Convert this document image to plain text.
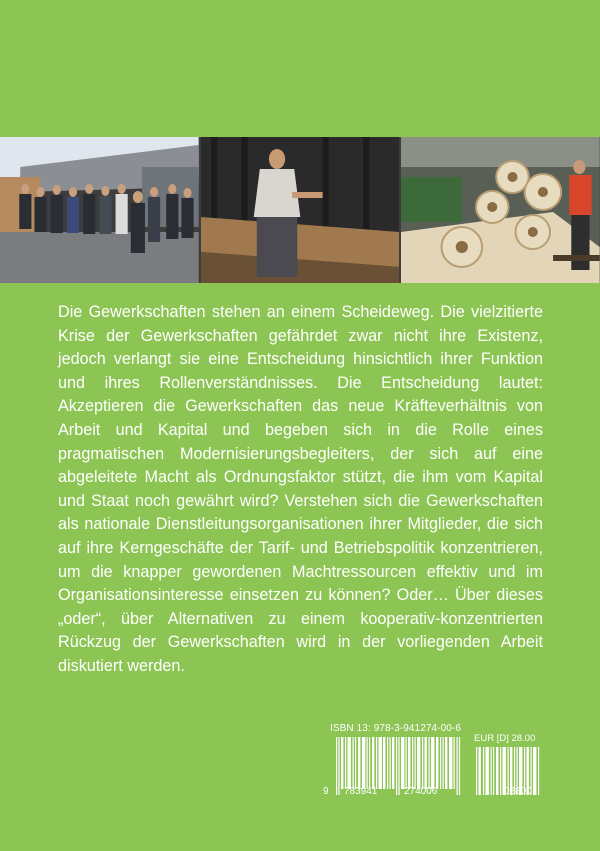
Die Gewerkschaften stehen an einem Scheideweg. Die vielzitierte Krise der Gewerkschaften gefährdet zwar nicht ihre Existenz, jedoch verlangt sie eine Entscheidung hinsichtlich ihrer Funktion und ihres Rollenverständnisses. Die Entscheidung lautet: Akzeptieren die Gewerkschaften das neue Kräfteverhältnis von Arbeit und Kapital und begeben sich in die Rolle eines pragmatischen Modernisierungsbegleiters, der sich auf eine abgeleitete Macht als Ordnungsfaktor stützt, die ihm vom Kapital und Staat noch gewährt wird? Verstehen sich die Gewerkschaften als nationale Dienstleitungsorganisationen ihrer Mitglieder, die sich auf ihre Kerngeschäfte der Tarif- und Betriebspolitik konzentrieren, um die knapper gewordenen Machtressourcen effektiv und im Organisationsinteresse einsetzen zu können? Oder… Über dieses „oder“, über Alternativen zu einem kooperativ-konzentrierten Rückzug der Gewerkschaften wird in der vorliegenden Arbeit diskutiert werden.

ISBN 13: 978-3-941274-00-6
9 783941	274006
EUR [D] 28.00
02800
